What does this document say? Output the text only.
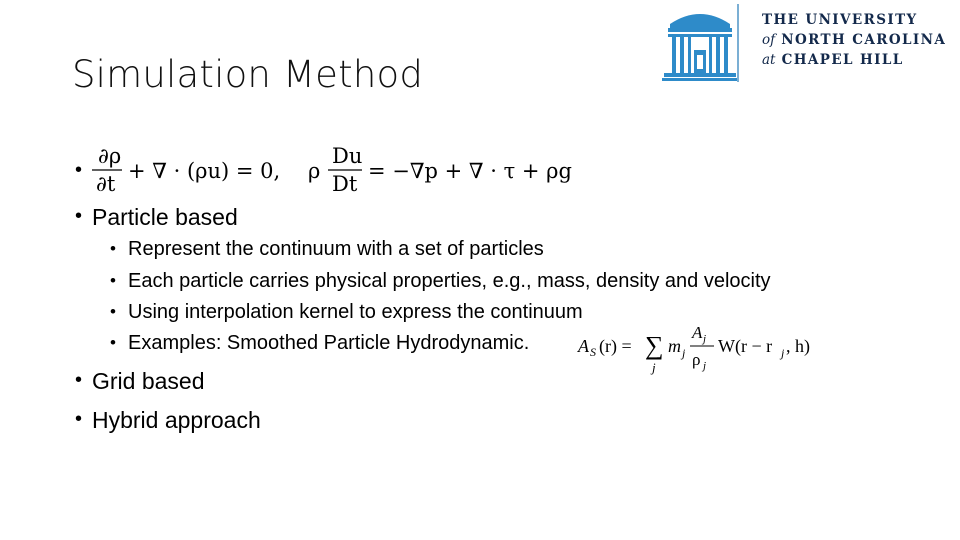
Simulation Method
THE UNIVERSITY
of NORTH CAROLINA
at CHAPEL HILL
•
∂ρ
∂t
+ ∇ · (ρu) = 0, ρ
Du
Dt
= −∇p + ∇ · τ + ρg
• Particle based
• Represent the continuum with a set of particles
• Each particle carries physical properties, e.g., mass, density and velocity
• Using interpolation kernel to express the continuum
• Examples: Smoothed Particle Hydrodynamic.	A S (r) = ∑
j
m j
A j
ρ j
W(r − r j , h)
• Grid based
• Hybrid approach
